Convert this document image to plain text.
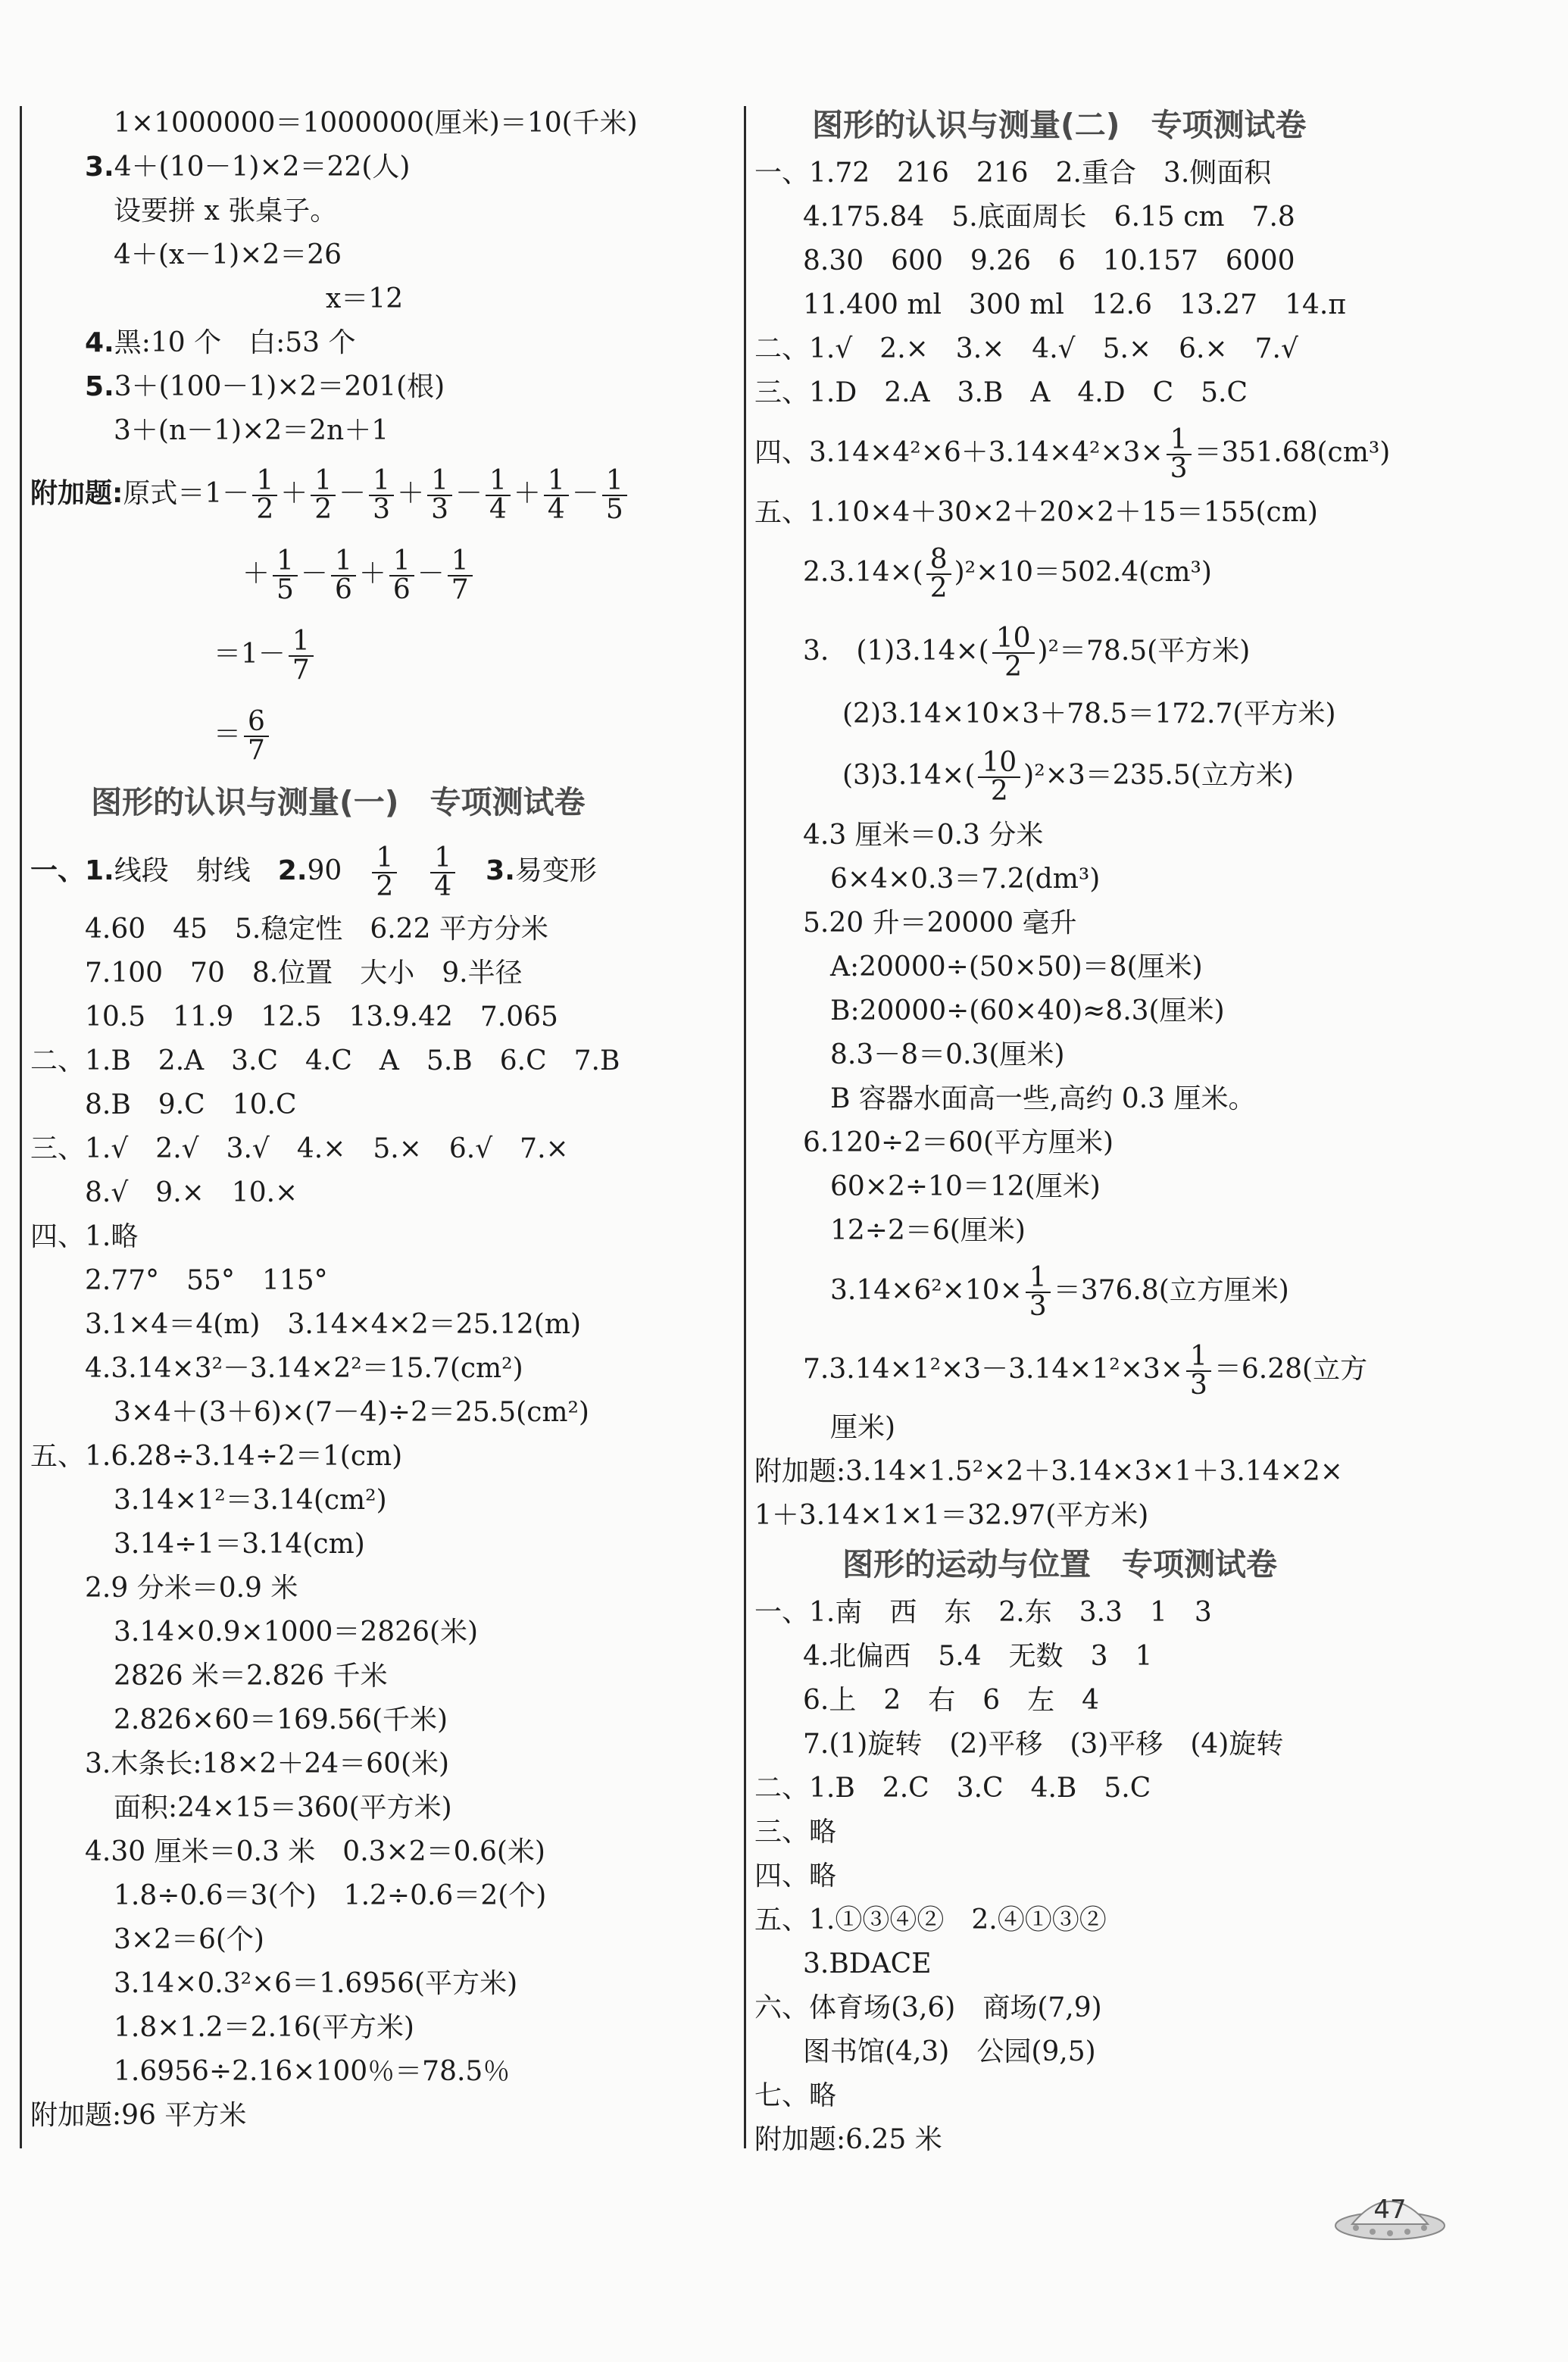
1×1000000＝1000000(厘米)＝10(千米)
3.4＋(10－1)×2＝22(人)
设要拼 x 张桌子。
4＋(x－1)×2＝26
x＝12
4.黑:10 个　白:53 个
5.3＋(100－1)×2＝201(根)
3＋(n－1)×2＝2n＋1
附加题:原式$=1- \frac{1}{2} + \frac{1}{2} - \frac{1}{3} + \frac{1}{3} - \frac{1}{4} + \frac{1}{4} - \frac{1}{5}$
＋ $\frac{1}{5} - \frac{1}{6} + \frac{1}{6} - \frac{1}{7}$
$=1- \frac{1}{7}$
＝ $\frac{6}{7}$
图形的认识与测量(一)　专项测试卷
一、1.线段　射线　 2.90　 $\frac{1}{2}$
　 $\frac{1}{4}$
　 3.易变形
4.60　45　5.稳定性　6.22 平方分米
7.100　70　8.位置　大小　9.半径
10.5　11.9　12.5　13.9.42　7.065
二、1.B　2.A　3.C　4.C　A　5.B　6.C　7.B
8.B　9.C　10.C
三、1.√　2.√　3.√　4.×　5.×　6.√　7.×
8.√　9.×　10.×
四、1.略
2.77°　55°　115°
3.1×4＝4(m)　3.14×4×2＝25.12(m)
4.3.14×3²－3.14×2²＝15.7(cm²)
3×4＋(3＋6)×(7－4)÷2＝25.5(cm²)
五、1.6.28÷3.14÷2＝1(cm)
3.14×1²＝3.14(cm²)
3.14÷1＝3.14(cm)
2.9 分米＝0.9 米
3.14×0.9×1000＝2826(米)
2826 米＝2.826 千米
2.826×60＝169.56(千米)
3.木条长:18×2＋24＝60(米)
面积:24×15＝360(平方米)
4.30 厘米＝0.3 米　0.3×2＝0.6(米)
1.8÷0.6＝3(个)　1.2÷0.6＝2(个)
3×2＝6(个)
3.14×0.3²×6＝1.6956(平方米)
1.8×1.2＝2.16(平方米)
1.6956÷2.16×100％＝78.5％
附加题:96 平方米
图形的认识与测量(二)　专项测试卷
一、1.72　216　216　2.重合　3.侧面积
4.175.84　5.底面周长　6.15 cm　7.8
8.30　600　9.26　6　10.157　6000
11.400 ml　300 ml　12.6　13.27　14.π
二、1.√　2.×　3.×　4.√　5.×　6.×　7.√
三、1.D　2.A　3.B　A　4.D　C　5.C
四、$3.14\times 4^2\times 6+3.14\times 4^2\times 3\times \frac{1}{3} =351.68(cm^3)$
五、1.10×4＋30×2＋20×2＋15＝155(cm)
$2.3.14\times( \frac{8}{2} )^2\times 10=502.4(cm^3)$
3.　$(1)3.14\times( \frac{10}{2} )^2=78.5$(平方米)
(2)3.14×10×3＋78.5＝172.7(平方米)
$(3)3.14\times( \frac{10}{2} )^2\times 3=235.5$(立方米)
4.3 厘米＝0.3 分米
6×4×0.3＝7.2(dm³)
5.20 升＝20000 毫升
A:20000÷(50×50)＝8(厘米)
B:20000÷(60×40)≈8.3(厘米)
8.3－8＝0.3(厘米)
B 容器水面高一些,高约 0.3 厘米。
6.120÷2＝60(平方厘米)
60×2÷10＝12(厘米)
12÷2＝6(厘米)
$3.14\times 6^2\times 10\times \frac{1}{3} =376.8$(立方厘米)
$7.3.14\times 1^2\times 3-3.14\times 1^2\times 3\times \frac{1}{3} =6.28$(立方
厘米)
附加题:3.14×1.5²×2＋3.14×3×1＋3.14×2×
1＋3.14×1×1＝32.97(平方米)
图形的运动与位置　专项测试卷
一、1.南　西　东　2.东　3.3　1　3
4.北偏西　5.4　无数　3　1
6.上　2　右　6　左　4
7.(1)旋转　(2)平移　(3)平移　(4)旋转
二、1.B　2.C　3.C　4.B　5.C
三、略
四、略
五、1.①③④②　2.④①③②
3.BDACE
六、体育场(3,6)　商场(7,9)
图书馆(4,3)　公园(9,5)
七、略
附加题:6.25 米
47
